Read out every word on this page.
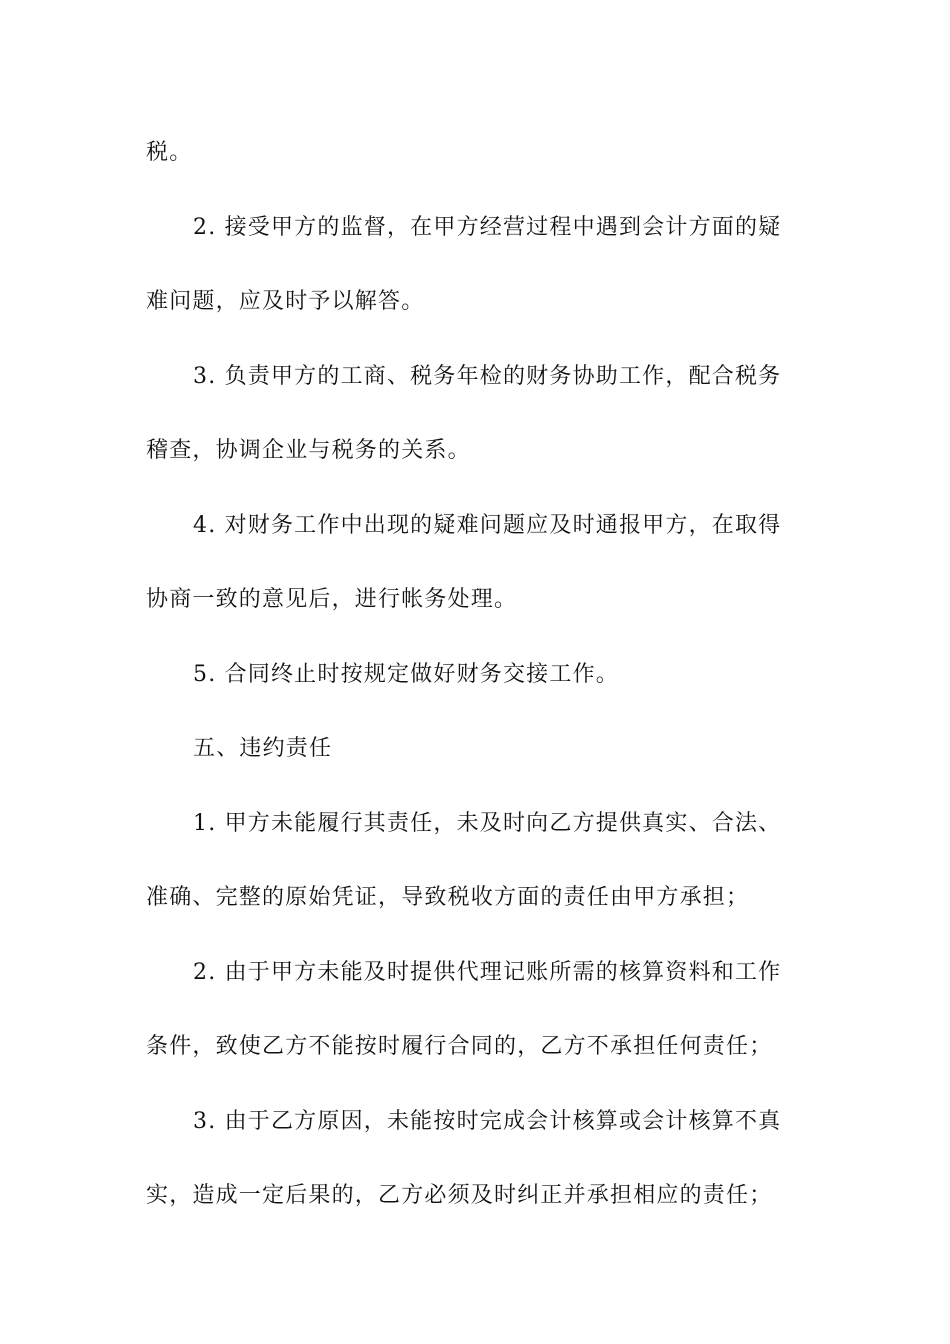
税。
2. 接受甲方的监督，在甲方经营过程中遇到会计方面的疑
难问题，应及时予以解答。
3. 负责甲方的工商、税务年检的财务协助工作，配合税务
稽查，协调企业与税务的关系。
4. 对财务工作中出现的疑难问题应及时通报甲方，在取得
协商一致的意见后，进行帐务处理。
5. 合同终止时按规定做好财务交接工作。
五、违约责任
1. 甲方未能履行其责任，未及时向乙方提供真实、合法、
准确、完整的原始凭证，导致税收方面的责任由甲方承担；
2. 由于甲方未能及时提供代理记账所需的核算资料和工作
条件，致使乙方不能按时履行合同的，乙方不承担任何责任；
3. 由于乙方原因，未能按时完成会计核算或会计核算不真
实，造成一定后果的，乙方必须及时纠正并承担相应的责任；
